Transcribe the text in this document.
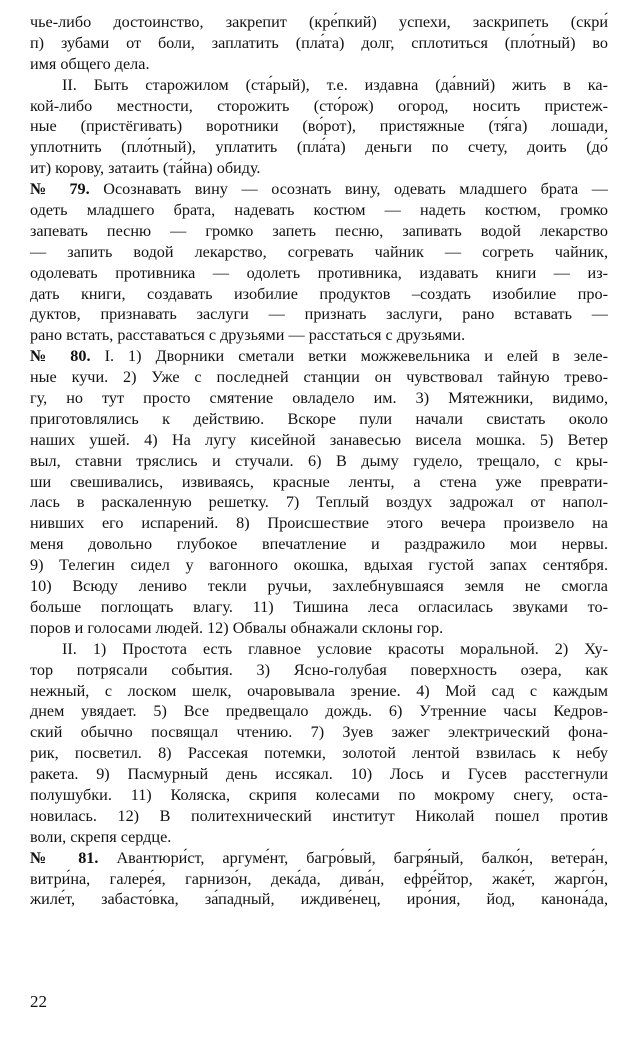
чье-либо достоинство, закрепит (кре́пкий) успехи, заскрипеть (скри́
п) зубами от боли, заплатить (пла́та) долг, сплотиться (пло́тный) во
имя общего дела.
II. Быть старожилом (ста́рый), т.е. издавна (да́вний) жить в ка-
кой-либо местности, сторожить (сто́рож) огород, носить пристеж-
ные (пристёгивать) воротники (во́рот), пристяжные (тя́га) лошади,
уплотнить (пло́тный), уплатить (пла́та) деньги по счету, доить (до́
ит) корову, затаить (та́йна) обиду.
№ 79. Осознавать вину — осознать вину, одевать младшего брата —
одеть младшего брата, надевать костюм — надеть костюм, громко
запевать песню — громко запеть песню, запивать водой лекарство
— запить водой лекарство, согревать чайник — согреть чайник,
одолевать противника — одолеть противника, издавать книги — из-
дать книги, создавать изобилие продуктов –создать изобилие про-
дуктов, признавать заслуги — признать заслуги, рано вставать —
рано встать, расставаться с друзьями — расстаться с друзьями.
№ 80. I. 1) Дворники сметали ветки можжевельника и елей в зеле-
ные кучи. 2) Уже с последней станции он чувствовал тайную трево-
гу, но тут просто смятение овладело им. 3) Мятежники, видимо,
приготовлялись к действию. Вскоре пули начали свистать около
наших ушей. 4) На лугу кисейной занавесью висела мошка. 5) Ветер
выл, ставни тряслись и стучали. 6) В дыму гудело, трещало, с кры-
ши свешивались, извиваясь, красные ленты, а стена уже преврати-
лась в раскаленную решетку. 7) Теплый воздух задрожал от напол-
нивших его испарений. 8) Происшествие этого вечера произвело на
меня довольно глубокое впечатление и раздражило мои нервы.
9) Телегин сидел у вагонного окошка, вдыхая густой запах сентября.
10) Всюду лениво текли ручьи, захлебнувшаяся земля не смогла
больше поглощать влагу. 11) Тишина леса огласилась звуками то-
поров и голосами людей. 12) Обвалы обнажали склоны гор.
II. 1) Простота есть главное условие красоты моральной. 2) Ху-
тор потрясали события. 3) Ясно-голубая поверхность озера, как
нежный, с лоском шелк, очаровывала зрение. 4) Мой сад с каждым
днем увядает. 5) Все предвещало дождь. 6) Утренние часы Кедров-
ский обычно посвящал чтению. 7) Зуев зажег электрический фона-
рик, посветил. 8) Рассекая потемки, золотой лентой взвилась к небу
ракета. 9) Пасмурный день иссякал. 10) Лось и Гусев расстегнули
полушубки. 11) Коляска, скрипя колесами по мокрому снегу, оста-
новилась. 12) В политехнический институт Николай пошел против
воли, скрепя сердце.
№ 81. Авантюри́ст, аргуме́нт, багро́вый, багря́ный, балко́н, ветера́н,
витри́на, галере́я, гарнизо́н, дека́да, дива́н, ефре́йтор, жаке́т, жарго́н,
жиле́т, забасто́вка, за́падный, иждиве́нец, иро́ния, йод, канона́да,
22
